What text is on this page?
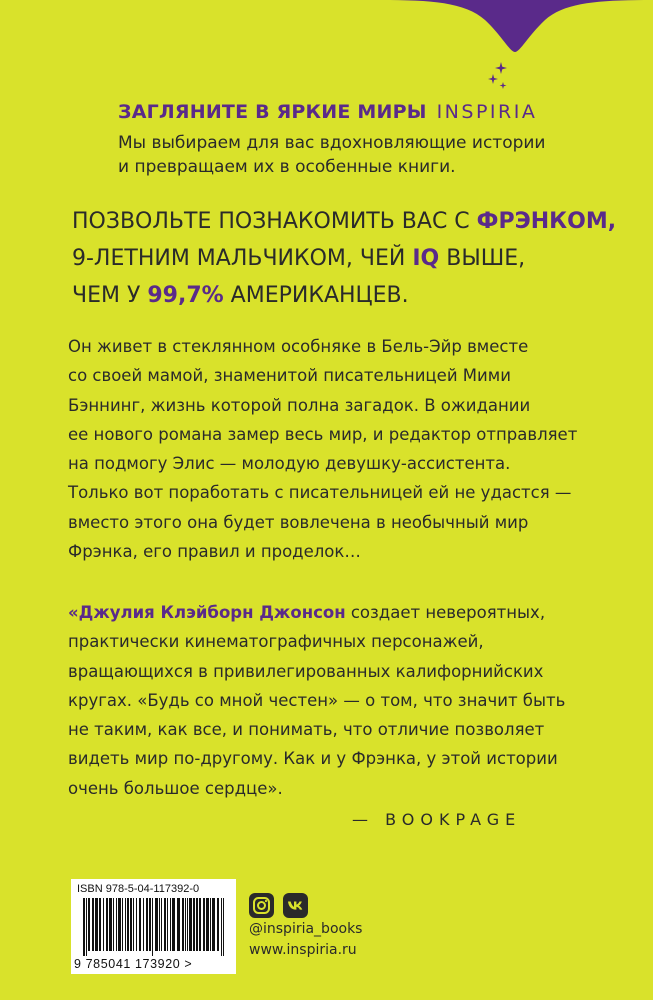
ЗАГЛЯНИТЕ В ЯРКИЕ МИРЫ INSPIRIA
Мы выбираем для вас вдохновляющие истории
и превращаем их в особенные книги.
ПОЗВОЛЬТЕ ПОЗНАКОМИТЬ ВАС С ФРЭНКОМ,
9-ЛЕТНИМ МАЛЬЧИКОМ, ЧЕЙ IQ ВЫШЕ,
ЧЕМ У 99,7% АМЕРИКАНЦЕВ.
Он живет в стеклянном особняке в Бель-Эйр вместе
со своей мамой, знаменитой писательницей Мими
Бэннинг, жизнь которой полна загадок. В ожидании
ее нового романа замер весь мир, и редактор отправляет
на подмогу Элис — молодую девушку-ассистента.
Только вот поработать с писательницей ей не удастся —
вместо этого она будет вовлечена в необычный мир
Фрэнка, его правил и проделок…
«Джулия Клэйборн Джонсон создает невероятных,
практически кинематографичных персонажей,
вращающихся в привилегированных калифорнийских
кругах. «Будь со мной честен» — о том, что значит быть
не таким, как все, и понимать, что отличие позволяет
видеть мир по-другому. Как и у Фрэнка, у этой истории
очень большое сердце».
— BOOKPAGE
ISBN 978-5-04-117392-0
9 785041 173920 >
@inspiria_books
www.inspiria.ru
